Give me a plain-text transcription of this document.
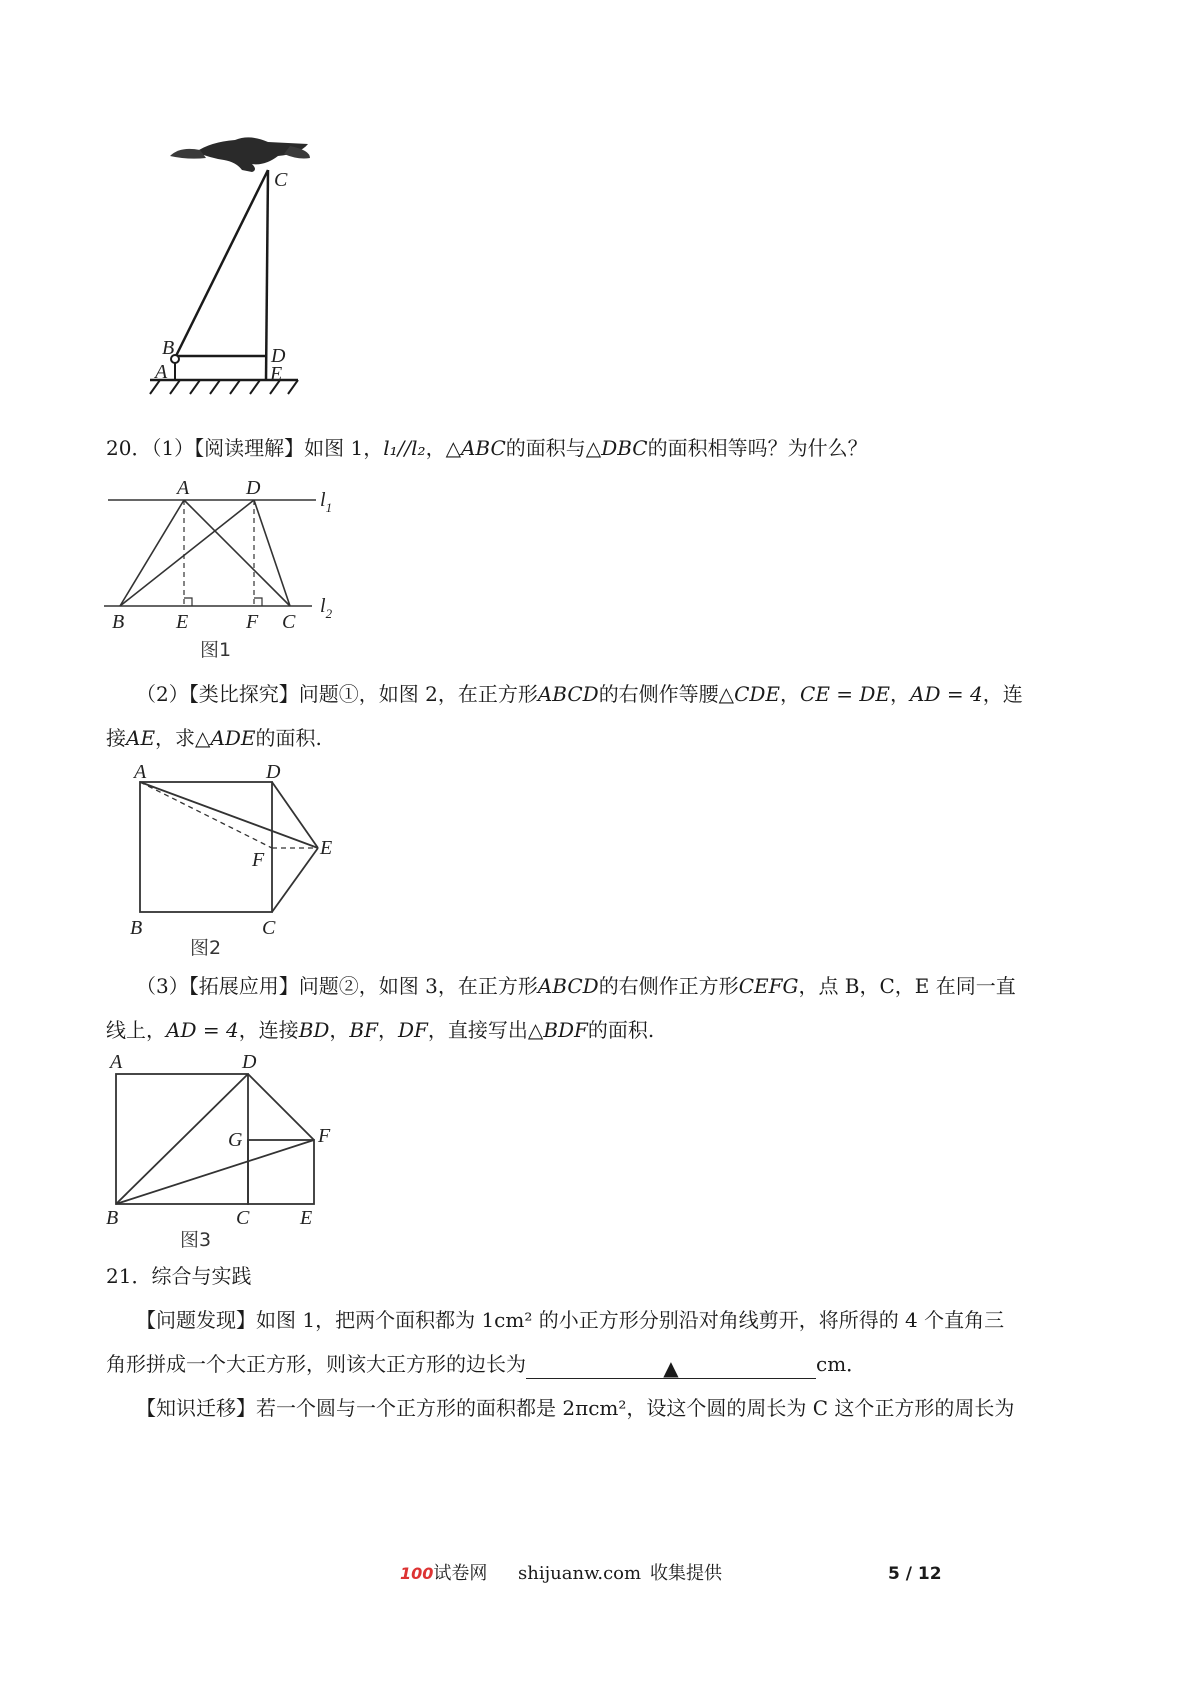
C
B	D
A	E
20．（1）【阅读理解】如图 1，l₁//l₂，△ABC的面积与△DBC的面积相等吗？为什么？
A	D
$l_1$
$l_2$
B	E	F C
图1
（2）【类比探究】问题①，如图 2，在正方形ABCD的右侧作等腰△CDE，CE = DE，AD = 4，连
接AE，求△ADE的面积.
A	D
E
F
B	C
图2
（3）【拓展应用】问题②，如图 3，在正方形ABCD的右侧作正方形CEFG，点 B，C，E 在同一直
线上，AD = 4，连接BD，BF，DF，直接写出△BDF的面积.
A	D
G	F
B	C	E
图3
21．综合与实践
【问题发现】如图 1，把两个面积都为 1cm² 的小正方形分别沿对角线剪开，将所得的 4 个直角三
角形拼成一个大正方形，则该大正方形的边长为	▲	cm．
【知识迁移】若一个圆与一个正方形的面积都是 2πcm²，设这个圆的周长为 C 这个正方形的周长为
100试卷网 shijuanw.com 收集提供	5 / 12
